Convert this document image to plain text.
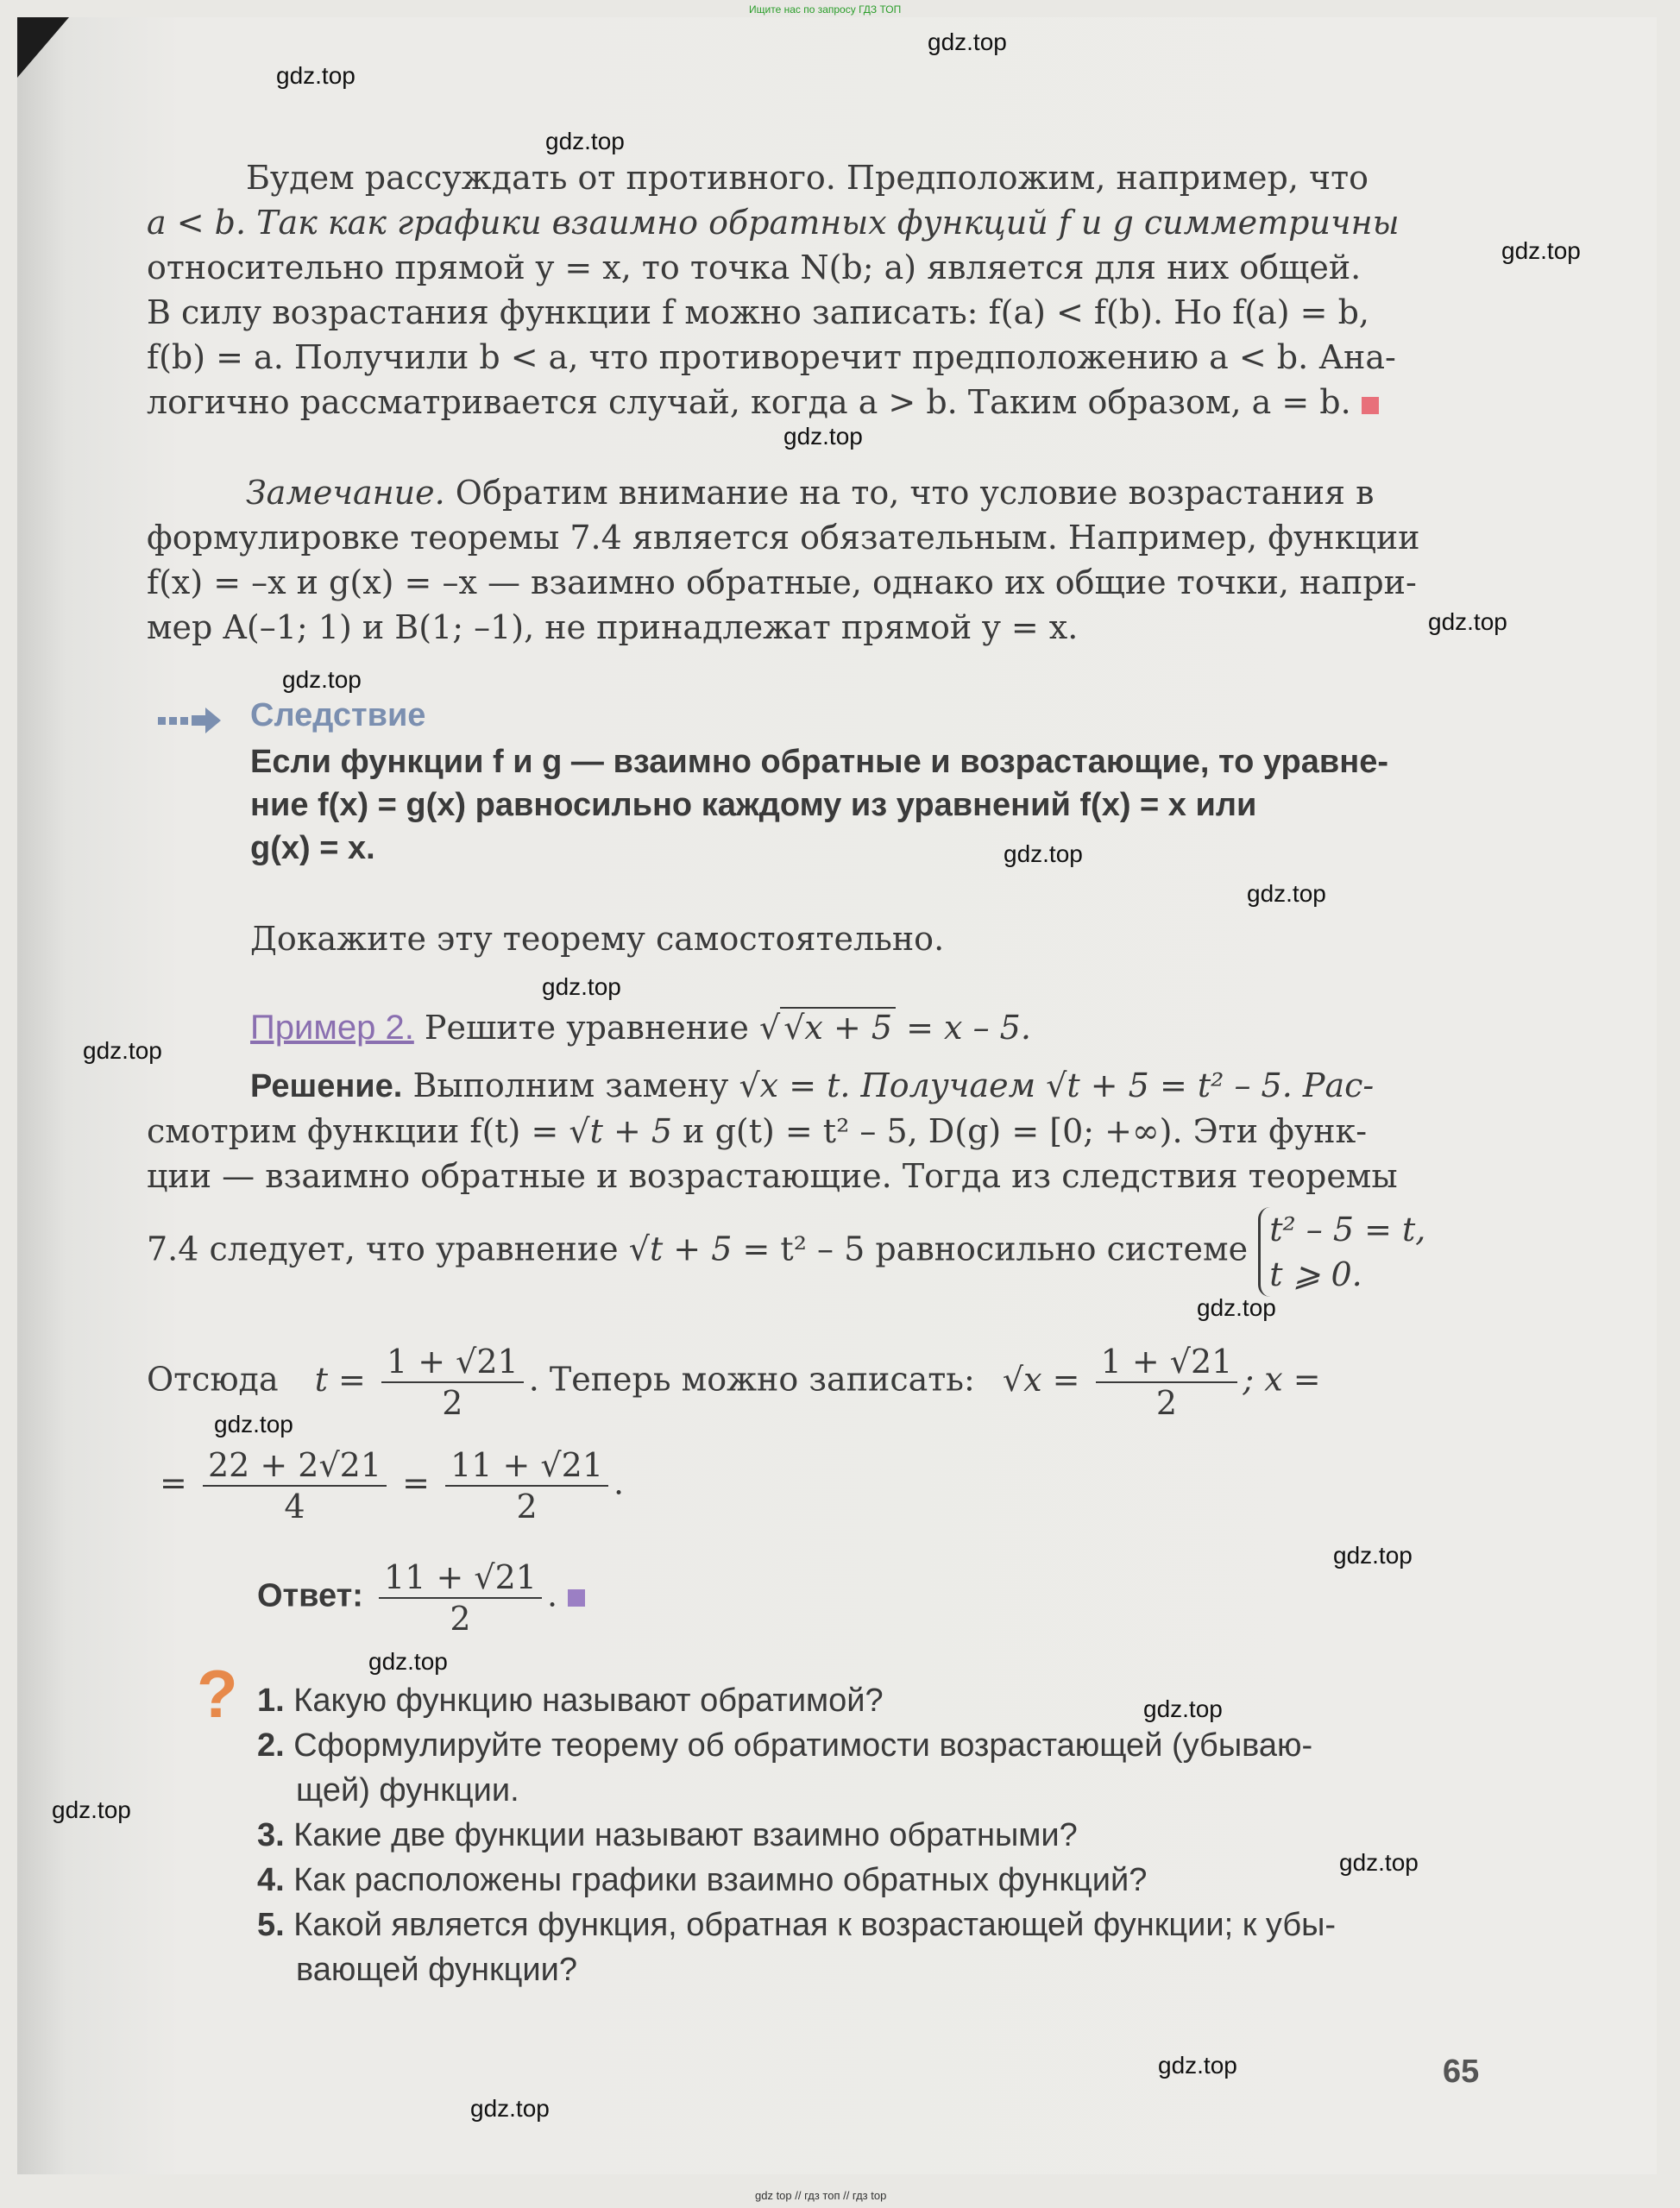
Ищите нас по запросу ГДЗ ТОП
gdz top // гдз топ // гдз top
gdz.top
gdz.top
gdz.top
gdz.top
gdz.top
gdz.top
gdz.top
gdz.top
gdz.top
gdz.top
gdz.top
gdz.top
gdz.top
gdz.top
gdz.top
gdz.top
gdz.top
gdz.top
gdz.top
gdz.top
Будем рассуждать от противного. Предположим, например, что
a < b. Так как графики взаимно обратных функций f и g симметричны
относительно прямой y = x, то точка N(b; a) является для них общей.
В силу возрастания функции f можно записать: f(a) < f(b). Но f(a) = b,
f(b) = a. Получили b < a, что противоречит предположению a < b. Ана-
логично рассматривается случай, когда a > b. Таким образом, a = b.
Замечание. Обратим внимание на то, что условие возрастания в
формулировке теоремы 7.4 является обязательным. Например, функции
f(x) = –x и g(x) = –x — взаимно обратные, однако их общие точки, напри-
мер A(–1; 1) и B(1; –1), не принадлежат прямой y = x.
Следствие
Если функции f и g — взаимно обратные и возрастающие, то уравне-
ние f(x) = g(x) равносильно каждому из уравнений f(x) = x или
g(x) = x.
Докажите эту теорему самостоятельно.
Пример 2. Решите уравнение √ √x + 5 = x – 5.
Решение. Выполним замену √x = t. Получаем √t + 5 = t² – 5. Рас-
смотрим функции f(t) = √t + 5 и g(t) = t² – 5, D(g) = [0; +∞). Эти функ-
ции — взаимно обратные и возрастающие. Тогда из следствия теоремы
7.4 следует, что уравнение √t + 5 = t² – 5 равносильно системе
t² – 5 = t,
t ⩾ 0.
Отсюда $t = \frac{1 + √21}{2}$ . Теперь можно записать: $√x = \frac{1 + √21}{2}$ ; x =
= $\frac{22 + 2√21}{4} = \frac{11 + √21}{2}$ .
Ответ: $\frac{11 + √21}{2}$ .
? 1. Какую функцию называют обратимой?
2. Сформулируйте теорему об обратимости возрастающей (убываю-
щей) функции.
3. Какие две функции называют взаимно обратными?
4. Как расположены графики взаимно обратных функций?
5. Какой является функция, обратная к возрастающей функции; к убы-
вающей функции?
65
